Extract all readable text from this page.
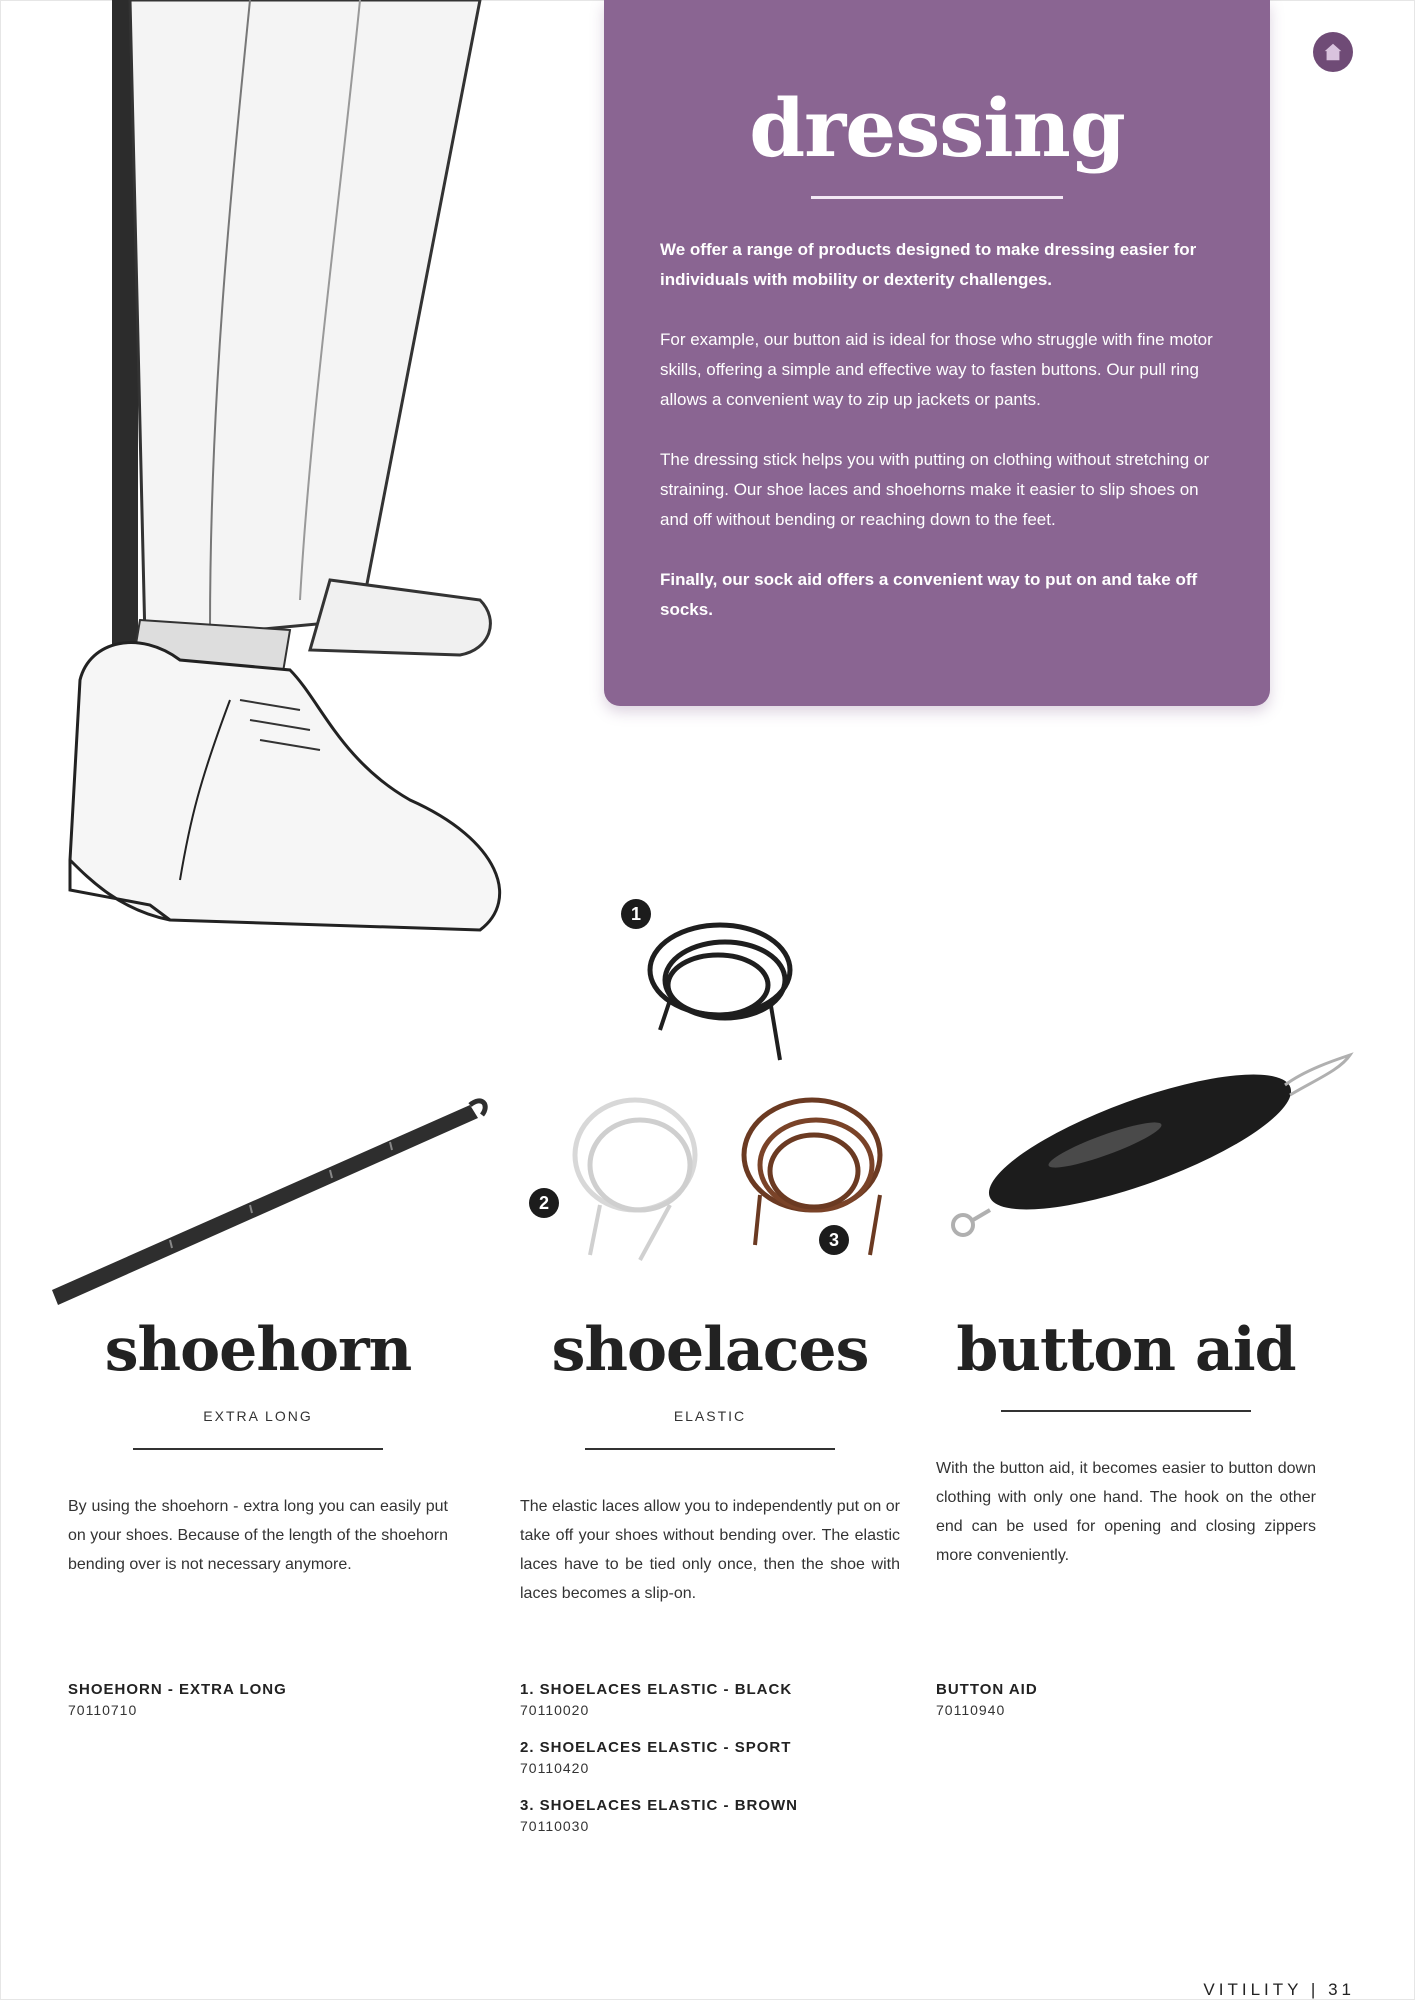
dressing

We offer a range of products designed to make dressing easier for individuals with mobility or dexterity challenges.

For example, our button aid is ideal for those who struggle with fine motor skills, offering a simple and effective way to fasten buttons. Our pull ring allows a convenient way to zip up jackets or pants.

The dressing stick helps you with putting on clothing without stretching or straining. Our shoe laces and shoehorns make it easier to slip shoes on and off without bending or reaching down to the feet.

Finally, our sock aid offers a convenient way to put on and take off socks.

1
2
3
shoehorn
EXTRA LONG

By using the shoehorn - extra long you can easily put on your shoes. Because of the length of the shoehorn bending over is not necessary anymore.

shoelaces
ELASTIC

The elastic laces allow you to independently put on or take off your shoes without bending over. The elastic laces have to be tied only once, then the shoe with laces becomes a slip-on.

button aid

With the button aid, it becomes easier to button down clothing with only one hand. The hook on the other end can be used for opening and closing zippers more conveniently.

SHOEHORN - EXTRA LONG
70110710
1. SHOELACES ELASTIC - BLACK
70110020
2. SHOELACES ELASTIC - SPORT
70110420
3. SHOELACES ELASTIC - BROWN
70110030
BUTTON AID
70110940
VITILITY | 31
